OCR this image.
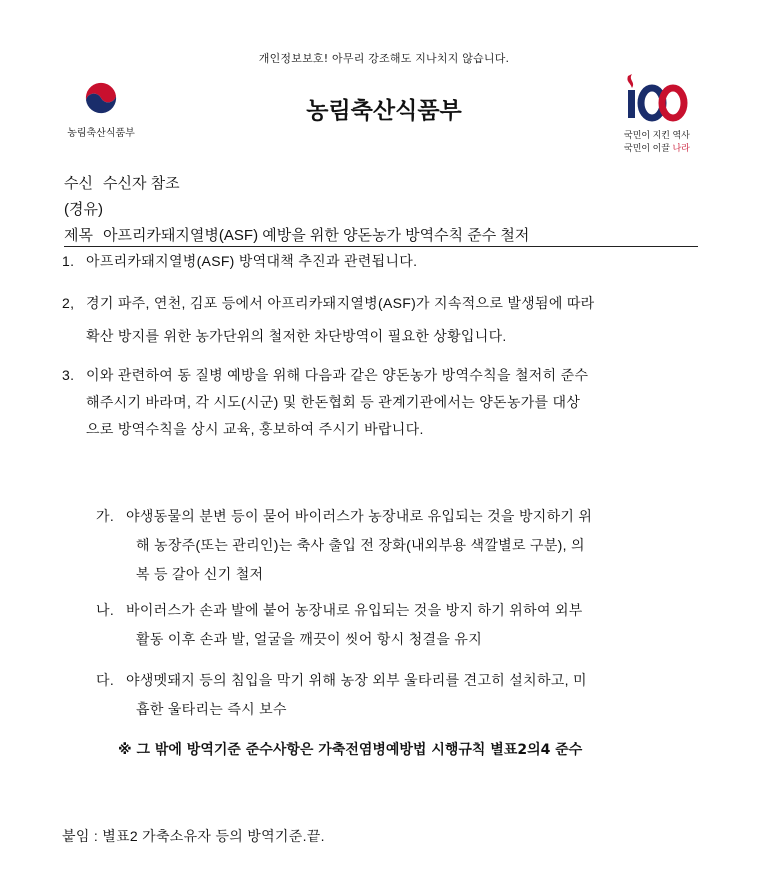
개인정보보호! 아무리 강조해도 지나치지 않습니다.
농림축산식품부
농림축산식품부
국민이 지킨 역사
국민이 이끌 나라
수신 수신자 참조
(경유)
제목 아프리카돼지열병(ASF) 예방을 위한 양돈농가 방역수칙 준수 철저
1. 아프리카돼지열병(ASF) 방역대책 추진과 관련됩니다.
2, 경기 파주, 연천, 김포 등에서 아프리카돼지열병(ASF)가 지속적으로 발생됨에 따라
확산 방지를 위한 농가단위의 철저한 차단방역이 필요한 상황입니다.
3. 이와 관련하여 동 질병 예방을 위해 다음과 같은 양돈농가 방역수칙을 철저히 준수
해주시기 바라며, 각 시도(시군) 및 한돈협회 등 관계기관에서는 양돈농가를 대상
으로 방역수칙을 상시 교육, 홍보하여 주시기 바랍니다.
가. 야생동물의 분변 등이 묻어 바이러스가 농장내로 유입되는 것을 방지하기 위
해 농장주(또는 관리인)는 축사 출입 전 장화(내외부용 색깔별로 구분), 의
복 등 갈아 신기 철저
나. 바이러스가 손과 발에 붙어 농장내로 유입되는 것을 방지 하기 위하여 외부
활동 이후 손과 발, 얼굴을 깨끗이 씻어 항시 청결을 유지
다. 야생멧돼지 등의 침입을 막기 위해 농장 외부 울타리를 견고히 설치하고, 미
흡한 울타리는 즉시 보수
※ 그 밖에 방역기준 준수사항은 가축전염병예방법 시행규칙 별표2의4 준수
붙임 : 별표2 가축소유자 등의 방역기준.끝.
